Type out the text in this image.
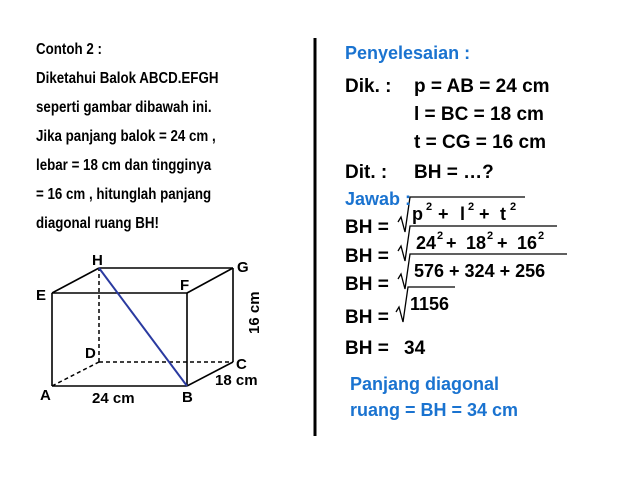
Contoh 2 :
Diketahui Balok ABCD.EFGH
seperti gambar dibawah ini.
Jika panjang balok = 24 cm ,
lebar = 18 cm dan tingginya
= 16 cm , hitunglah panjang
diagonal ruang BH!
H	G
E
F
D
C
A	B
24 cm
18 cm
16 cm
p 2 + l 2 + t 2
24 2 + 18 2 + 16 2
576 + 324 + 256
1156
Penyelesaian :
Dik. : p = AB = 24 cm
l = BC = 18 cm
t = CG = 16 cm
Dit. : BH = …?
Jawab :
BH =
BH =
BH =
BH =
BH = 34
Panjang diagonal
ruang = BH = 34 cm
